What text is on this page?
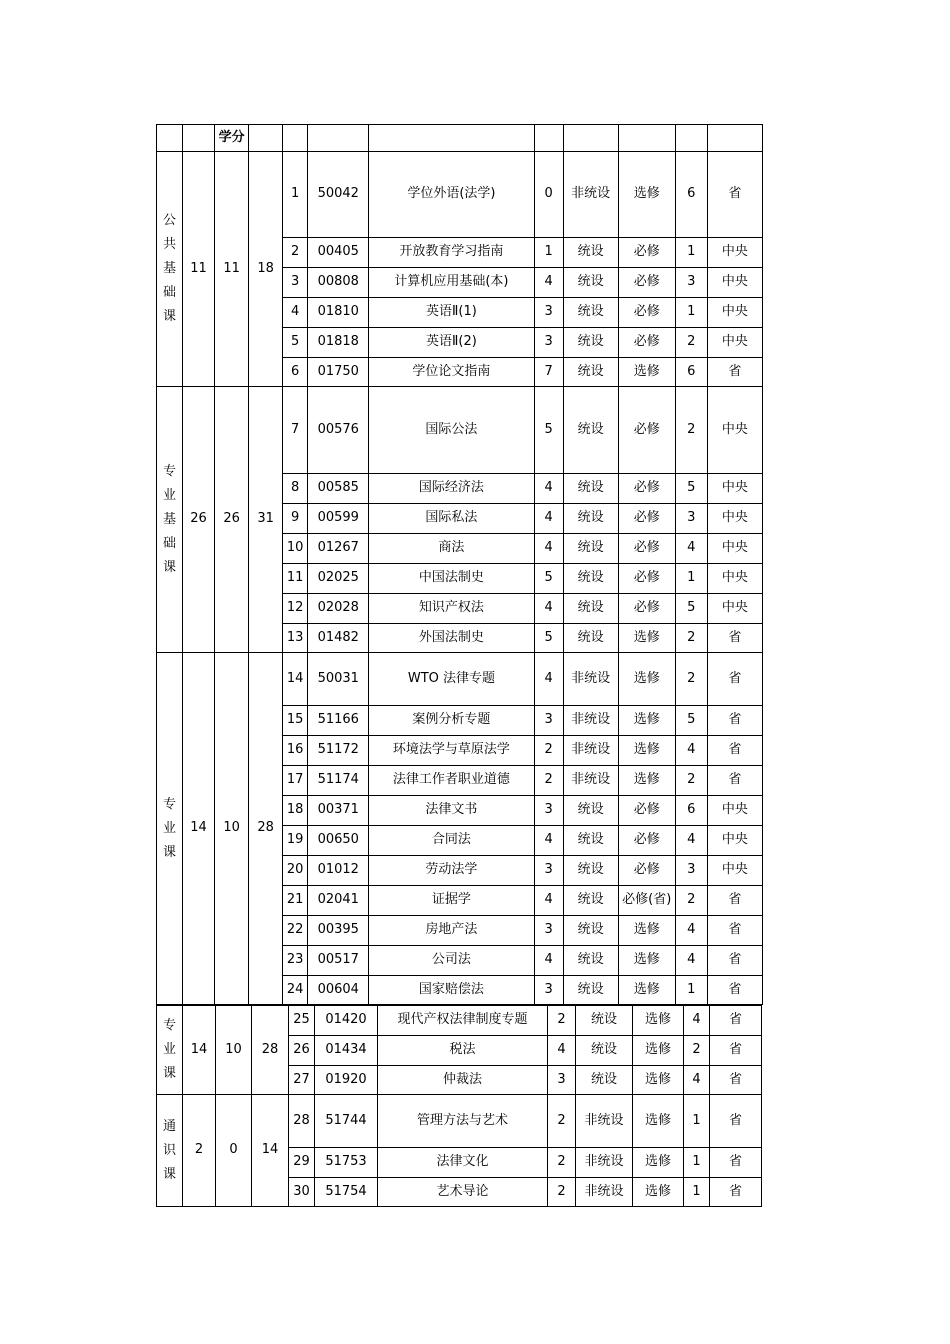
		学分									
公共基础课	11	11	18	1	50042	学位外语(法学)	0	非统设	选修	6	省
				2	00405	开放教育学习指南	1	统设	必修	1	中央
				3	00808	计算机应用基础(本)	4	统设	必修	3	中央
				4	01810	英语Ⅱ(1)	3	统设	必修	1	中央
				5	01818	英语Ⅱ(2)	3	统设	必修	2	中央
				6	01750	学位论文指南	7	统设	选修	6	省
专业基础课	26	26	31	7	00576	国际公法	5	统设	必修	2	中央
				8	00585	国际经济法	4	统设	必修	5	中央
				9	00599	国际私法	4	统设	必修	3	中央
				10	01267	商法	4	统设	必修	4	中央
				11	02025	中国法制史	5	统设	必修	1	中央
				12	02028	知识产权法	4	统设	必修	5	中央
				13	01482	外国法制史	5	统设	选修	2	省
专业课	14	10	28	14	50031	WTO 法律专题	4	非统设	选修	2	省
				15	51166	案例分析专题	3	非统设	选修	5	省
				16	51172	环境法学与草原法学	2	非统设	选修	4	省
				17	51174	法律工作者职业道德	2	非统设	选修	2	省
				18	00371	法律文书	3	统设	必修	6	中央
				19	00650	合同法	4	统设	必修	4	中央
				20	01012	劳动法学	3	统设	必修	3	中央
				21	02041	证据学	4	统设	必修(省)	2	省
				22	00395	房地产法	3	统设	选修	4	省
				23	00517	公司法	4	统设	选修	4	省
				24	00604	国家赔偿法	3	统设	选修	1	省
专业课	14	10	28	25	01420	现代产权法律制度专题	2	统设	选修	4	省
				26	01434	税法	4	统设	选修	2	省
				27	01920	仲裁法	3	统设	选修	4	省
通识课	2	0	14	28	51744	管理方法与艺术	2	非统设	选修	1	省
				29	51753	法律文化	2	非统设	选修	1	省
				30	51754	艺术导论	2	非统设	选修	1	省
